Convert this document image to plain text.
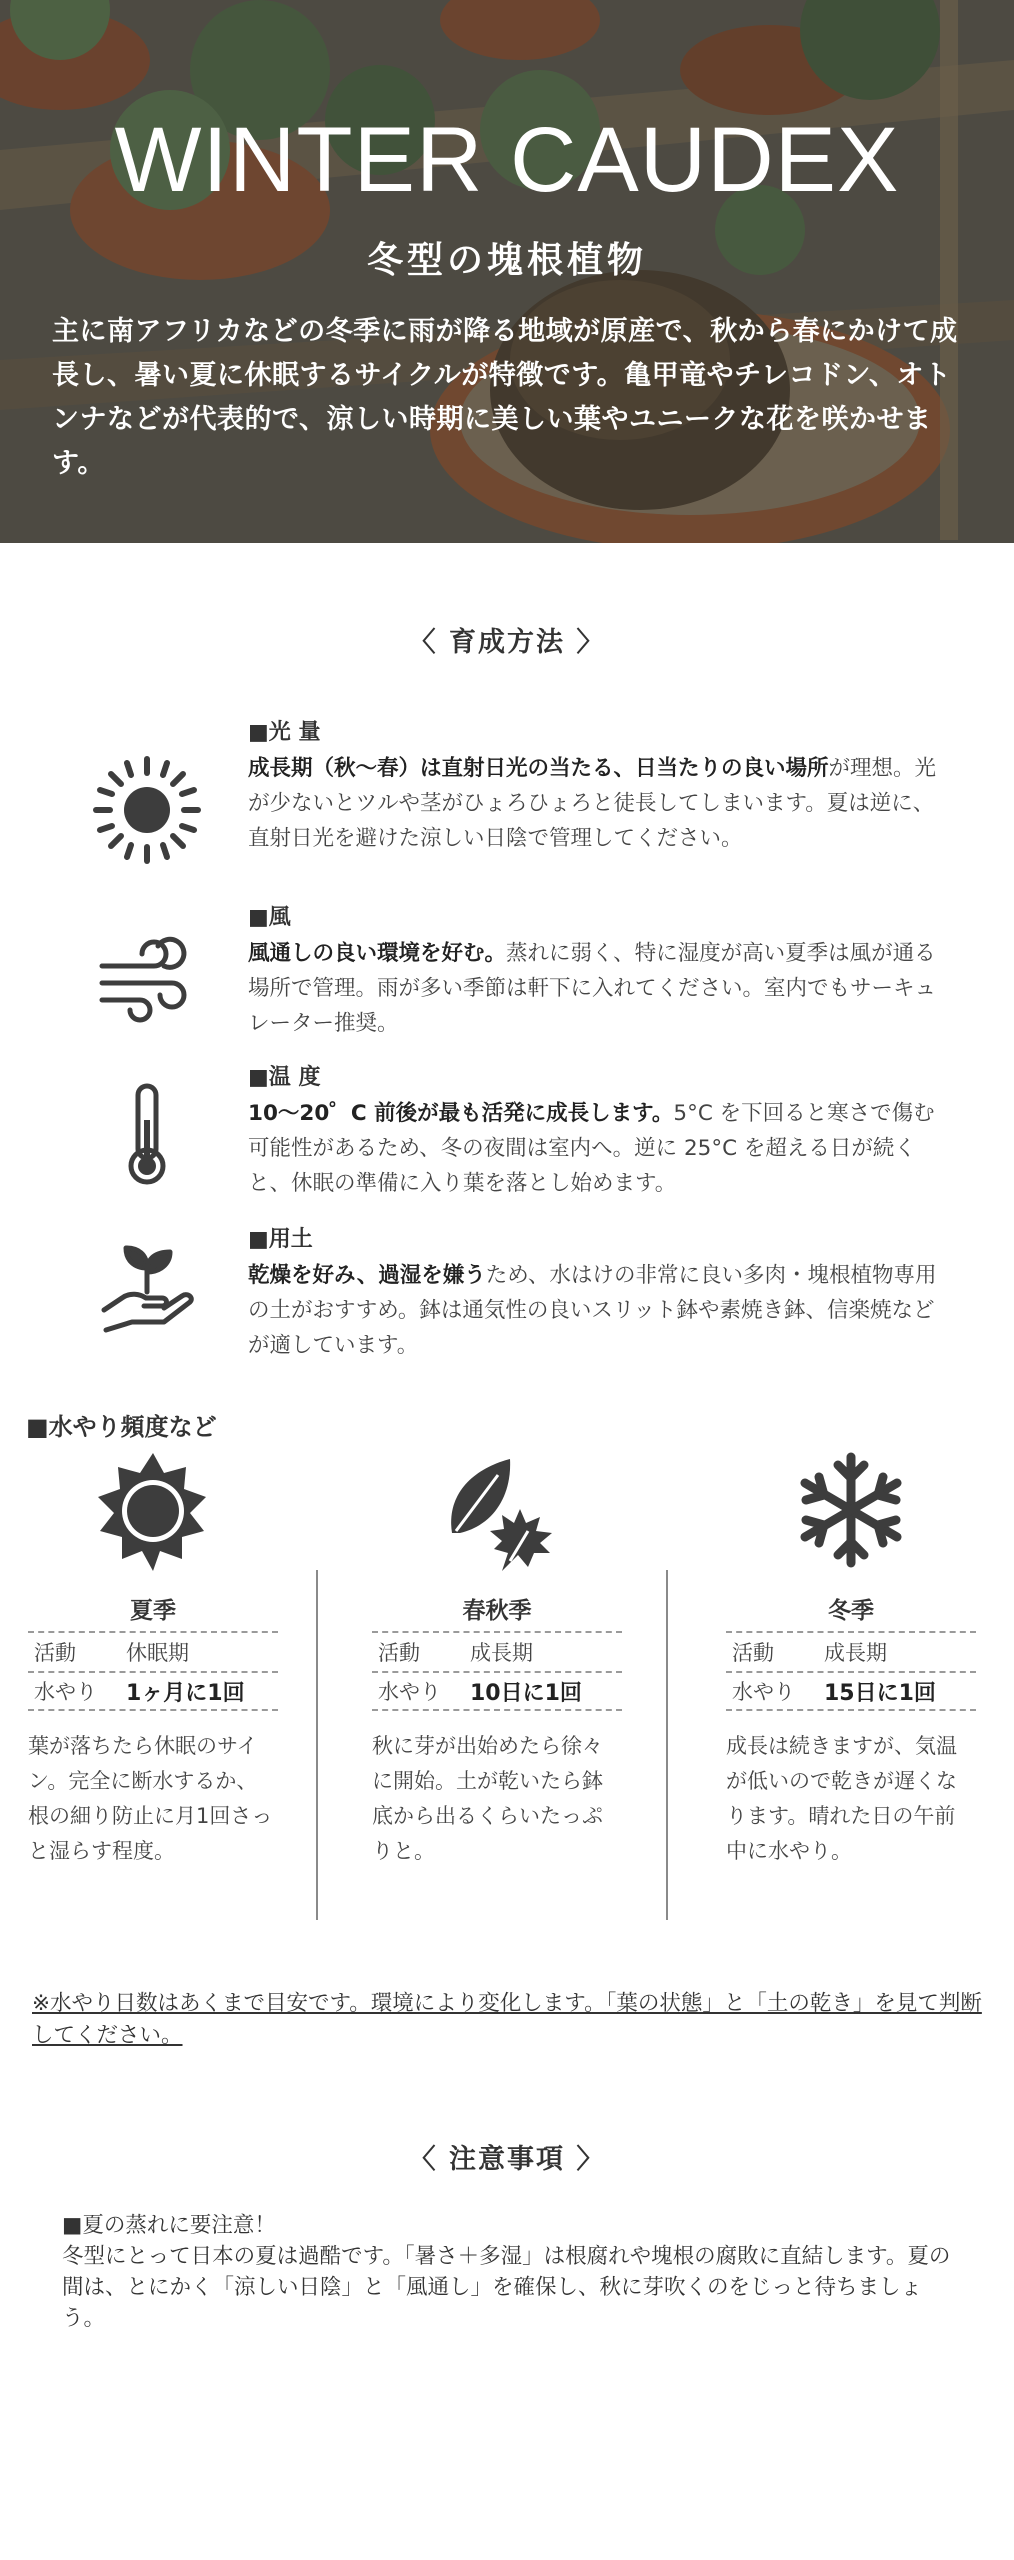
WINTER CAUDEX
冬型の塊根植物
主に南アフリカなどの冬季に雨が降る地域が原産で、秋から春にかけて成長し、暑い夏に休眠するサイクルが特徴です。亀甲竜やチレコドン、オトンナなどが代表的で、涼しい時期に美しい葉やユニークな花を咲かせます。
〈 育成方法 〉
■光 量
成長期（秋〜春）は直射日光の当たる、日当たりの良い場所が理想。光が少ないとツルや茎がひょろひょろと徒長してしまいます。夏は逆に、直射日光を避けた涼しい日陰で管理してください。
■風
風通しの良い環境を好む。蒸れに弱く、特に湿度が高い夏季は風が通る場所で管理。雨が多い季節は軒下に入れてください。室内でもサーキュレーター推奨。
■温 度
10〜20゜C 前後が最も活発に成長します。5°C を下回ると寒さで傷む可能性があるため、冬の夜間は室内へ。逆に 25°C を超える日が続くと、休眠の準備に入り葉を落とし始めます。
■用土
乾燥を好み、過湿を嫌うため、水はけの非常に良い多肉・塊根植物専用の土がおすすめ。鉢は通気性の良いスリット鉢や素焼き鉢、信楽焼などが適しています。
■水やり頻度など
夏季
活動	休眠期
水やり	1ヶ月に1回
葉が落ちたら休眠のサイン。完全に断水するか、根の細り防止に月1回さっと湿らす程度。
春秋季
活動	成長期
水やり	10日に1回
秋に芽が出始めたら徐々に開始。土が乾いたら鉢底から出るくらいたっぷりと。
冬季
活動	成長期
水やり	15日に1回
成長は続きますが、気温が低いので乾きが遅くなります。晴れた日の午前中に水やり。
※水やり日数はあくまで目安です。環境により変化します。「葉の状態」と「土の乾き」を見て判断してください。
〈 注意事項 〉
■夏の蒸れに要注意！
冬型にとって日本の夏は過酷です。「暑さ＋多湿」は根腐れや塊根の腐敗に直結します。夏の間は、とにかく「涼しい日陰」と「風通し」を確保し、秋に芽吹くのをじっと待ちましょう。
